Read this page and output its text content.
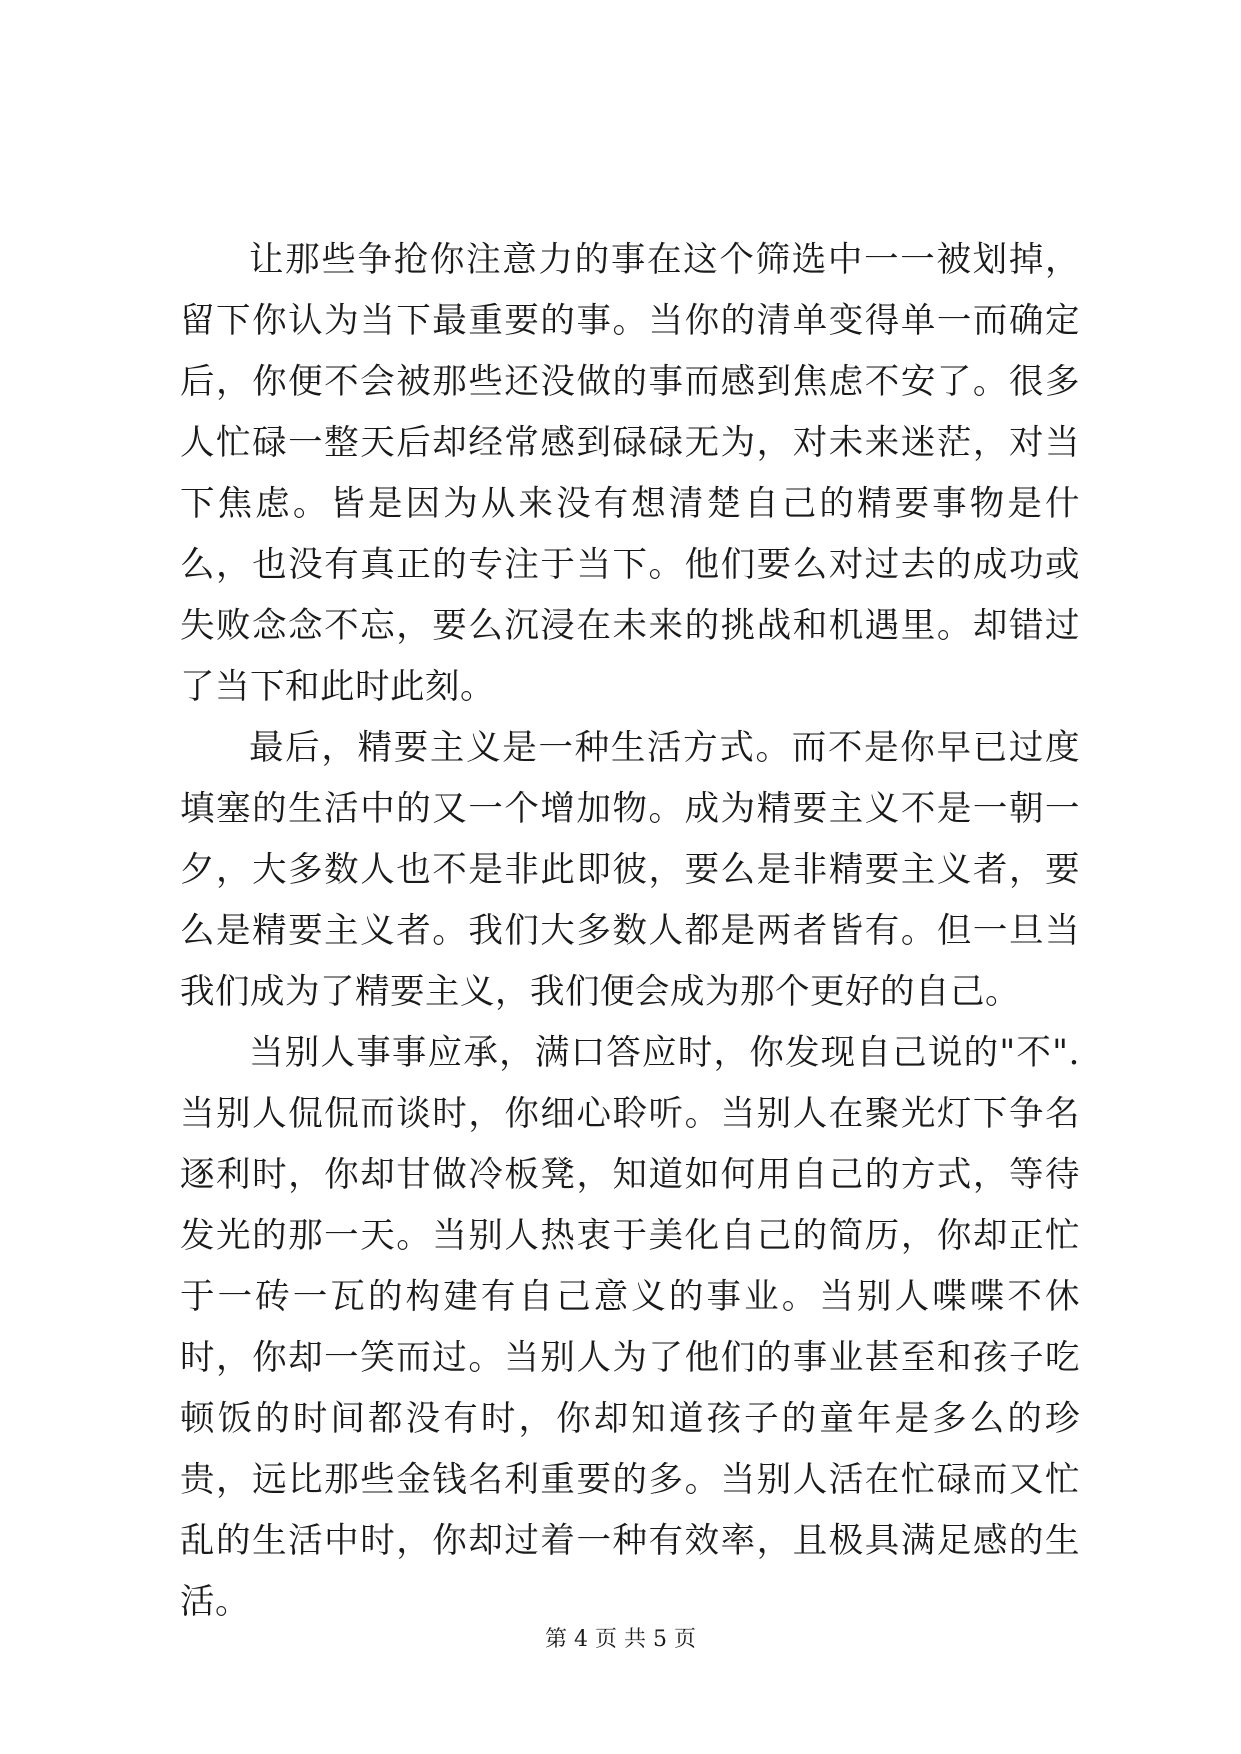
让那些争抢你注意力的事在这个筛选中一一被划掉，留下你认为当下最重要的事。当你的清单变得单一而确定后，你便不会被那些还没做的事而感到焦虑不安了。很多人忙碌一整天后却经常感到碌碌无为，对未来迷茫，对当下焦虑。皆是因为从来没有想清楚自己的精要事物是什么，也没有真正的专注于当下。他们要么对过去的成功或失败念念不忘，要么沉浸在未来的挑战和机遇里。却错过了当下和此时此刻。

最后，精要主义是一种生活方式。而不是你早已过度填塞的生活中的又一个增加物。成为精要主义不是一朝一夕，大多数人也不是非此即彼，要么是非精要主义者，要么是精要主义者。我们大多数人都是两者皆有。但一旦当我们成为了精要主义，我们便会成为那个更好的自己。

当别人事事应承，满口答应时，你发现自己说的"不".当别人侃侃而谈时，你细心聆听。当别人在聚光灯下争名逐利时，你却甘做冷板凳，知道如何用自己的方式，等待发光的那一天。当别人热衷于美化自己的简历，你却正忙于一砖一瓦的构建有自己意义的事业。当别人喋喋不休时，你却一笑而过。当别人为了他们的事业甚至和孩子吃顿饭的时间都没有时，你却知道孩子的童年是多么的珍贵，远比那些金钱名利重要的多。当别人活在忙碌而又忙乱的生活中时，你却过着一种有效率，且极具满足感的生活。

第 4 页 共 5 页
